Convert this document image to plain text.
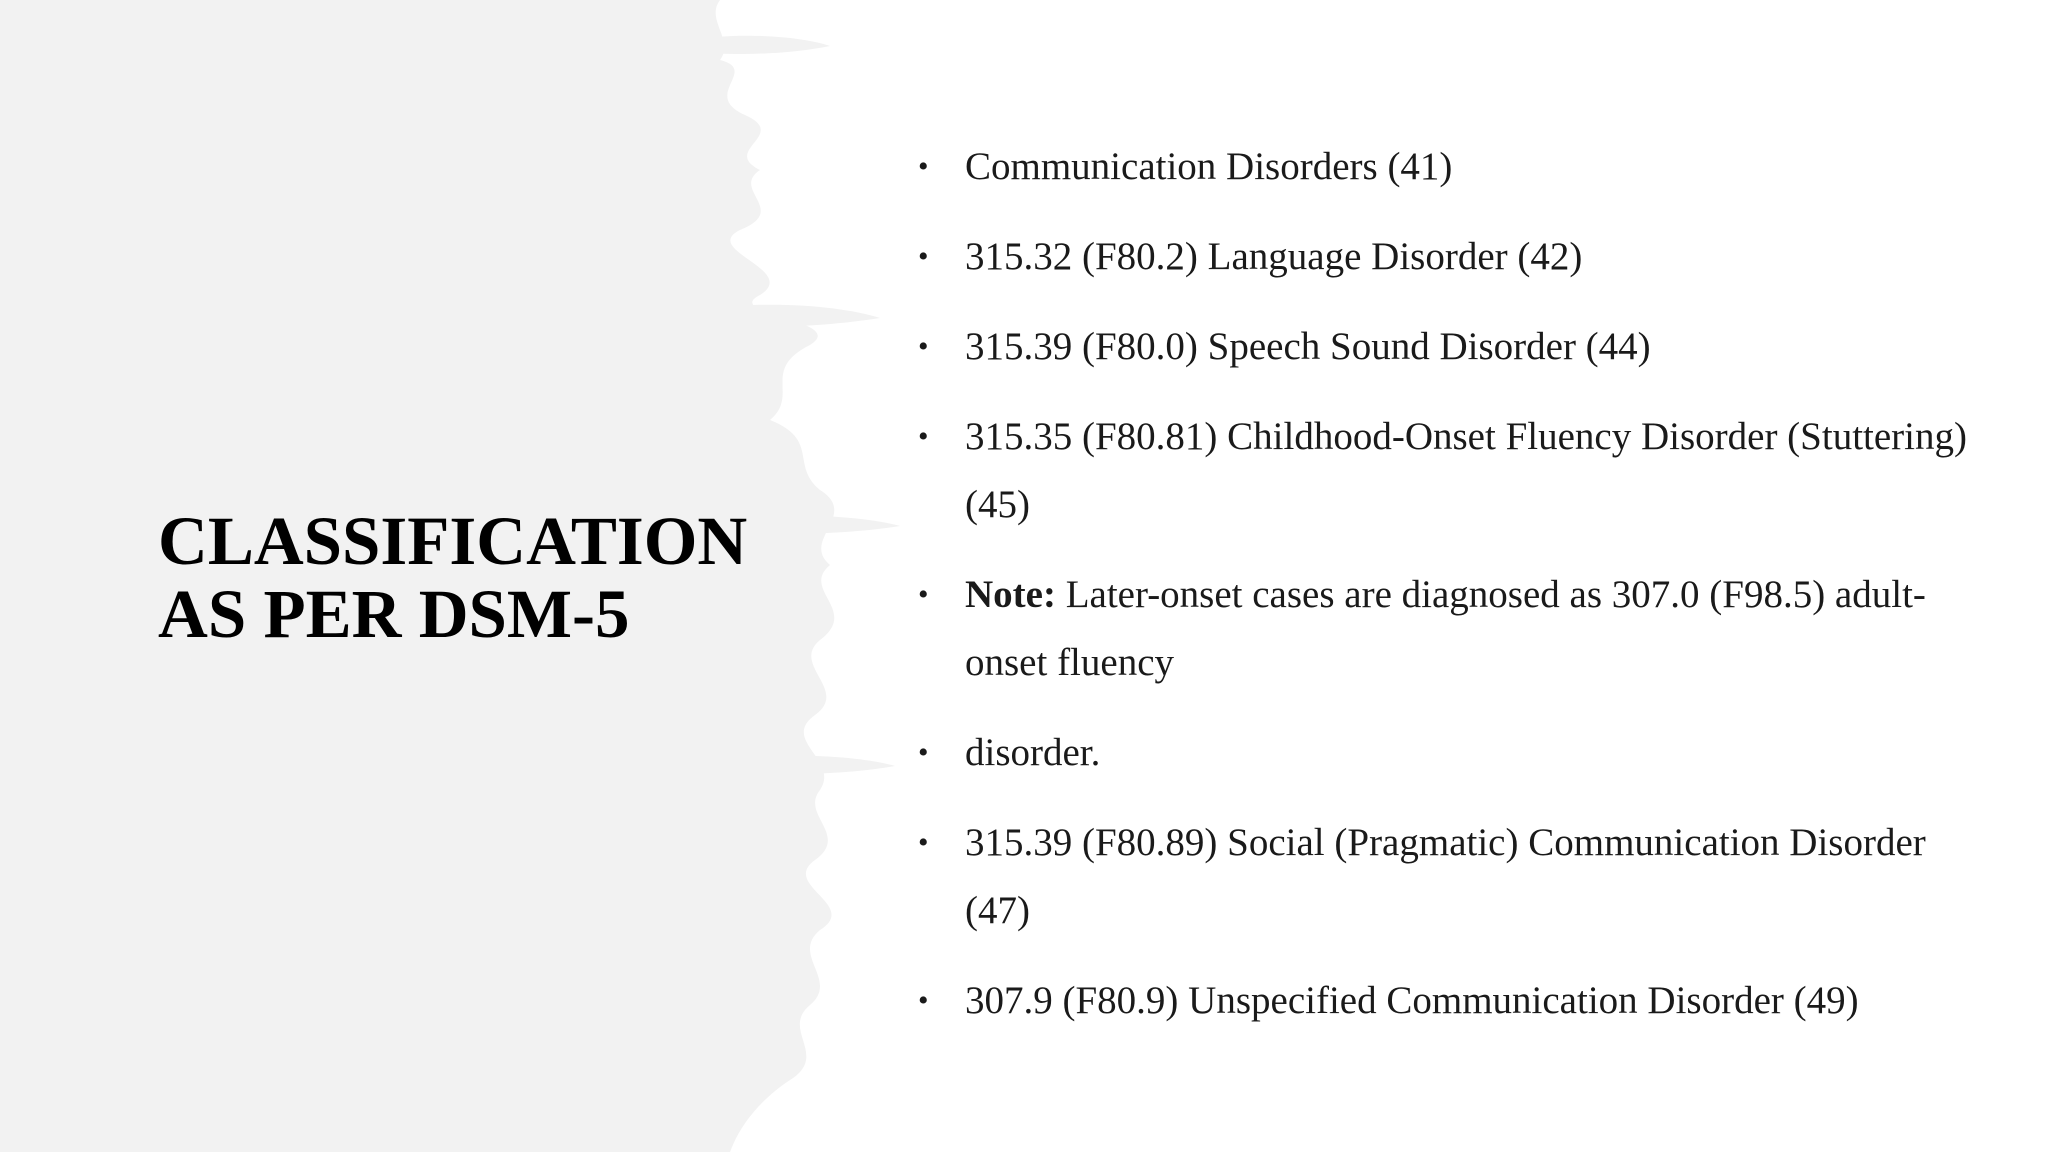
CLASSIFICATION
AS PER DSM-5
• Communication Disorders (41)
• 315.32 (F80.2) Language Disorder (42)
• 315.39 (F80.0) Speech Sound Disorder (44)
• 315.35 (F80.81) Childhood-Onset Fluency Disorder (Stuttering) (45)
• Note: Later-onset cases are diagnosed as 307.0 (F98.5) adult-onset fluency
• disorder.
• 315.39 (F80.89) Social (Pragmatic) Communication Disorder (47)
• 307.9 (F80.9) Unspecified Communication Disorder (49)
